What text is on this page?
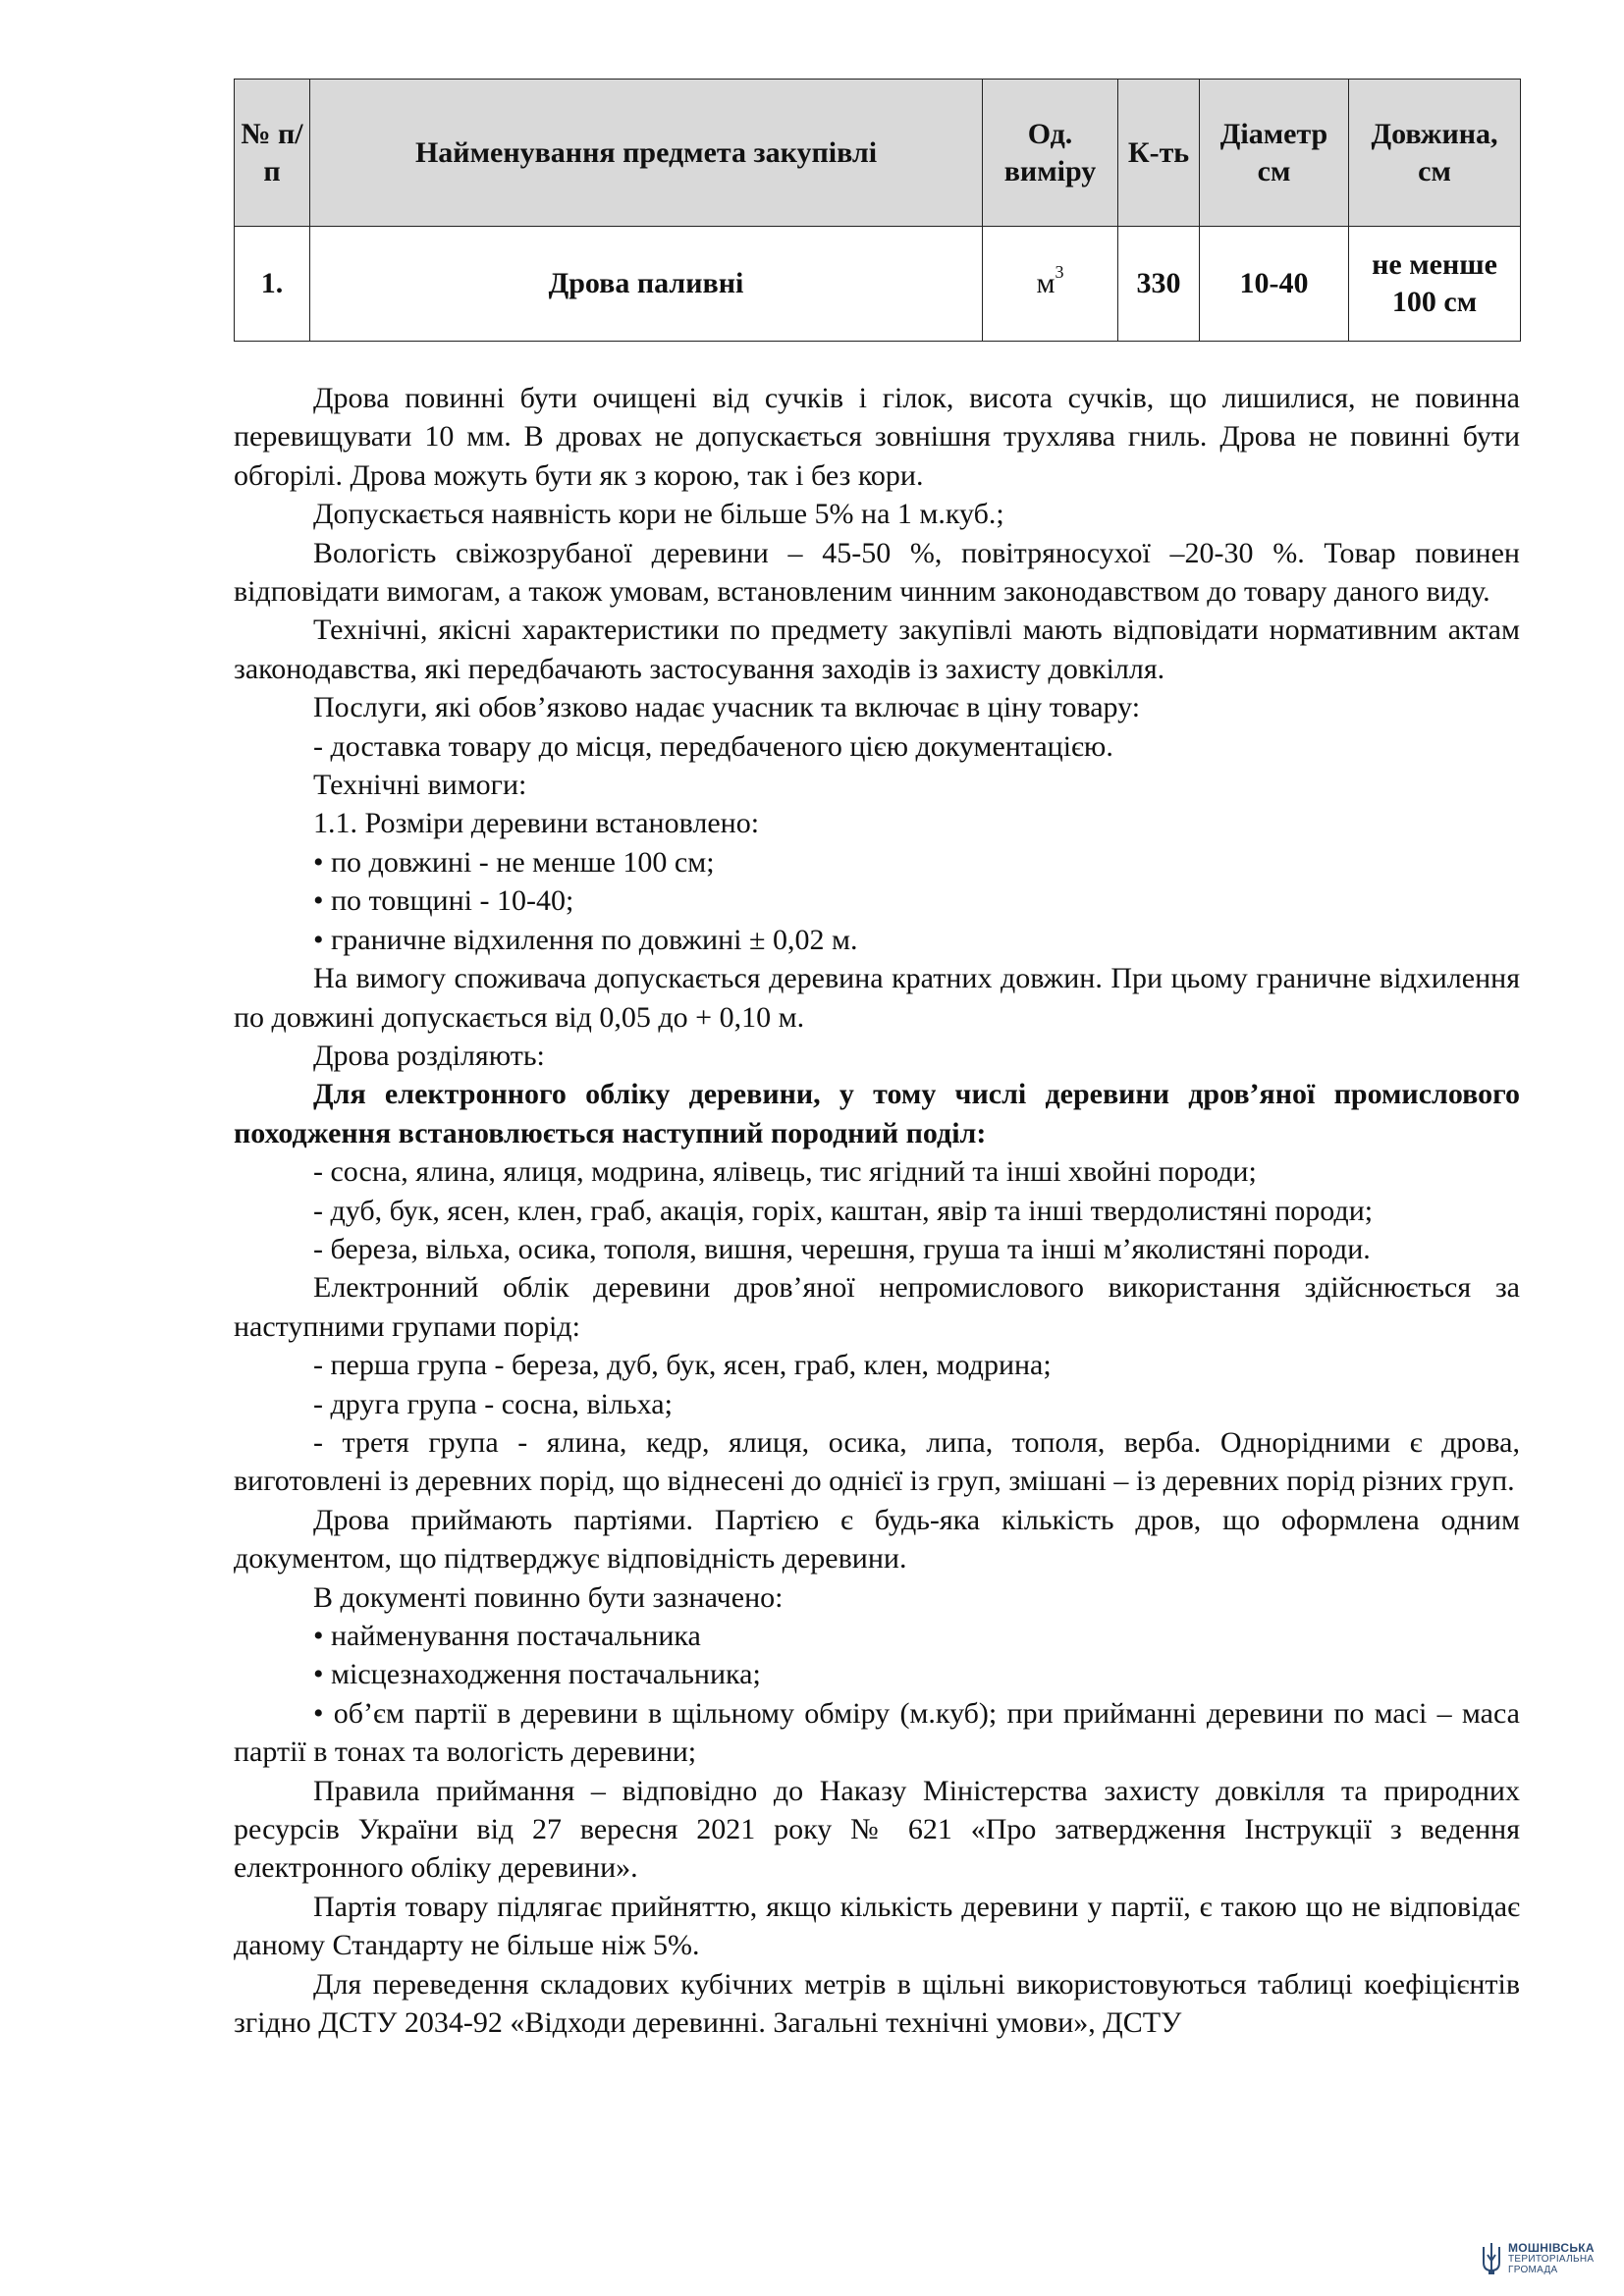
№ п/п	Найменування предмета закупівлі	Од. виміру	К-ть	Діаметр см	Довжина, см
1.	Дрова паливні	$м^3$	330	10-40	не менше 100 см

Дрова повинні бути очищені від сучків і гілок, висота сучків, що лишилися, не повинна перевищувати 10 мм. В дровах не допускається зовнішня трухлява гниль. Дрова не повинні бути обгорілі. Дрова можуть бути як з корою, так і без кори.

Допускається наявність кори не більше 5% на 1 м.куб.;

Вологість свіжозрубаної деревини – 45-50 %, повітряносухої –20-30 %. Товар повинен відповідати вимогам, а також умовам, встановленим чинним законодавством до товару даного виду.

Технічні, якісні характеристики по предмету закупівлі мають відповідати нормативним актам законодавства, які передбачають застосування заходів із захисту довкілля.

Послуги, які обов’язково надає учасник та включає в ціну товару:

- доставка товару до місця, передбаченого цією документацією.

Технічні вимоги:

1.1. Розміри деревини встановлено:

• по довжині - не менше 100 см;

• по товщині - 10-40;

• граничне відхилення по довжині ± 0,02 м.

На вимогу споживача допускається деревина кратних довжин. При цьому граничне відхилення по довжині допускається від 0,05 до + 0,10 м.

Дрова розділяють:

Для електронного обліку деревини, у тому числі деревини дров’яної промислового походження встановлюється наступний породний поділ:

- сосна, ялина, ялиця, модрина, ялівець, тис ягідний та інші хвойні породи;

- дуб, бук, ясен, клен, граб, акація, горіх, каштан, явір та інші твердолистяні породи;

- береза, вільха, осика, тополя, вишня, черешня, груша та інші м’яколистяні породи.

Електронний облік деревини дров’яної непромислового використання здійснюється за наступними групами порід:

- перша група - береза, дуб, бук, ясен, граб, клен, модрина;

- друга група - сосна, вільха;

- третя група - ялина, кедр, ялиця, осика, липа, тополя, верба. Однорідними є дрова, виготовлені із деревних порід, що віднесені до однієї із груп, змішані – із деревних порід різних груп.

Дрова приймають партіями. Партією є будь-яка кількість дров, що оформлена одним документом, що підтверджує відповідність деревини.

В документі повинно бути зазначено:

• найменування постачальника

• місцезнаходження постачальника;

• об’єм партії в деревини в щільному обміру (м.куб); при прийманні деревини по масі – маса партії в тонах та вологість деревини;

Правила приймання – відповідно до Наказу Міністерства захисту довкілля та природних ресурсів України від 27 вересня 2021 року № 621 «Про затвердження Інструкції з ведення електронного обліку деревини».

Партія товару підлягає прийняттю, якщо кількість деревини у партії, є такою що не відповідає даному Стандарту не більше ніж 5%.

Для переведення складових кубічних метрів в щільні використовуються таблиці коефіцієнтів згідно ДСТУ 2034-92 «Відходи деревинні. Загальні технічні умови», ДСТУ

МОШНІВСЬКА
ТЕРИТОРІАЛЬНА
ГРОМАДА
